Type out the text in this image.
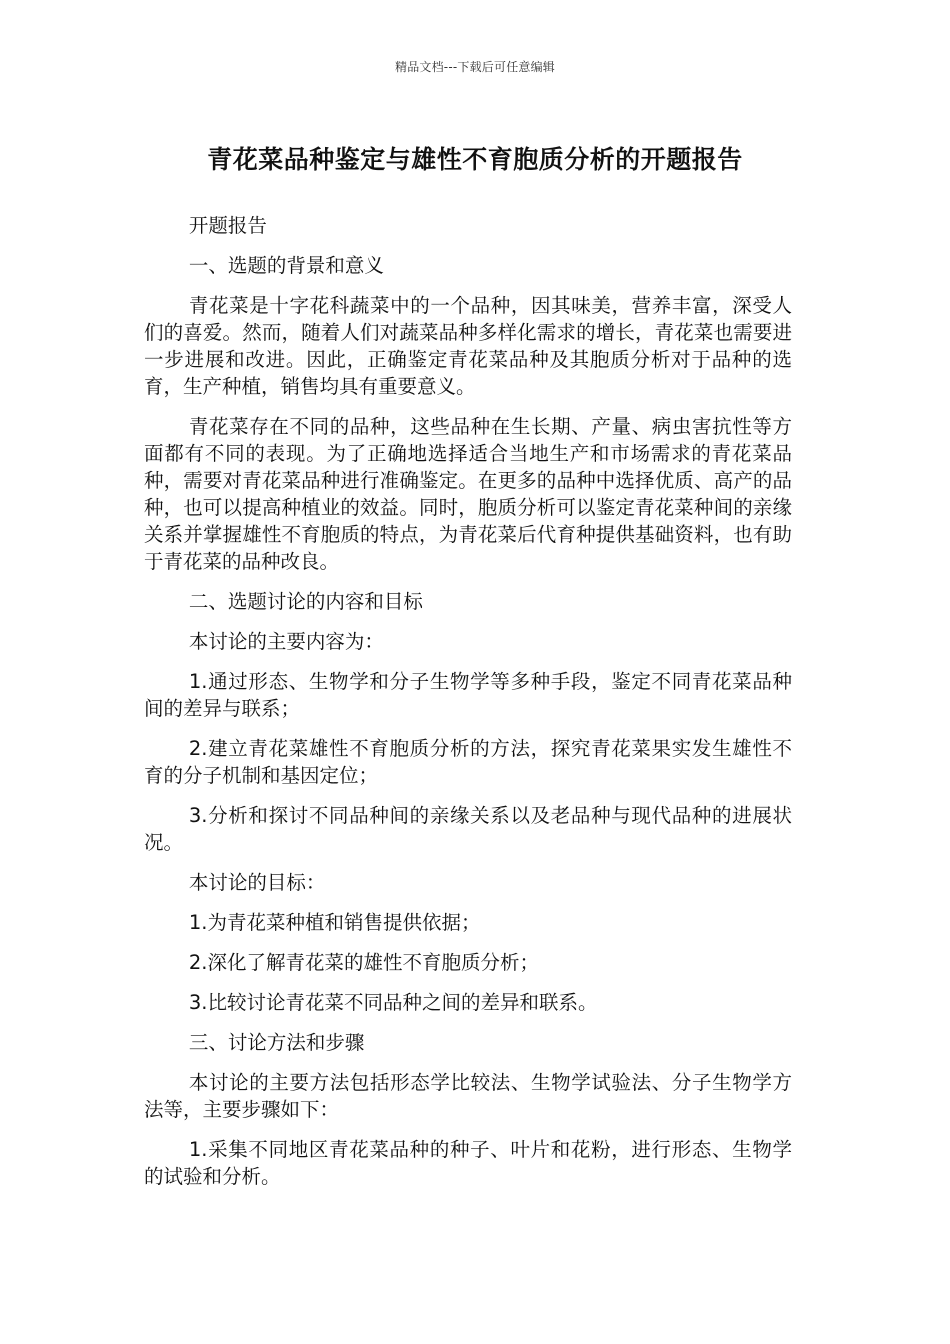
精品文档---下载后可任意编辑
青花菜品种鉴定与雄性不育胞质分析的开题报告

开题报告

一、选题的背景和意义

青花菜是十字花科蔬菜中的一个品种，因其味美，营养丰富，深受人们的喜爱。然而，随着人们对蔬菜品种多样化需求的增长，青花菜也需要进一步进展和改进。因此，正确鉴定青花菜品种及其胞质分析对于品种的选育，生产种植，销售均具有重要意义。

青花菜存在不同的品种，这些品种在生长期、产量、病虫害抗性等方面都有不同的表现。为了正确地选择适合当地生产和市场需求的青花菜品种，需要对青花菜品种进行准确鉴定。在更多的品种中选择优质、高产的品种，也可以提高种植业的效益。同时，胞质分析可以鉴定青花菜种间的亲缘关系并掌握雄性不育胞质的特点，为青花菜后代育种提供基础资料，也有助于青花菜的品种改良。

二、选题讨论的内容和目标

本讨论的主要内容为：

1.通过形态、生物学和分子生物学等多种手段，鉴定不同青花菜品种间的差异与联系；

2.建立青花菜雄性不育胞质分析的方法，探究青花菜果实发生雄性不育的分子机制和基因定位；

3.分析和探讨不同品种间的亲缘关系以及老品种与现代品种的进展状况。

本讨论的目标：

1.为青花菜种植和销售提供依据；

2.深化了解青花菜的雄性不育胞质分析；

3.比较讨论青花菜不同品种之间的差异和联系。

三、讨论方法和步骤

本讨论的主要方法包括形态学比较法、生物学试验法、分子生物学方法等，主要步骤如下：

1.采集不同地区青花菜品种的种子、叶片和花粉，进行形态、生物学的试验和分析。
